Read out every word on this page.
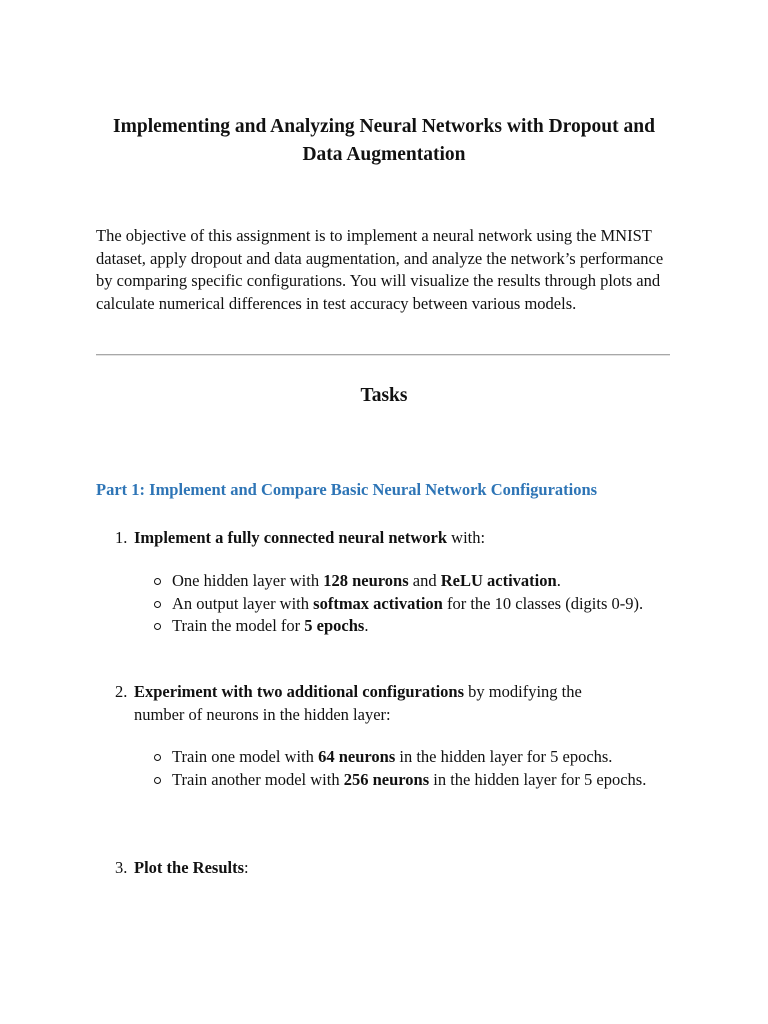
Implementing and Analyzing Neural Networks with Dropout and Data Augmentation

The objective of this assignment is to implement a neural network using the MNIST dataset, apply dropout and data augmentation, and analyze the network’s performance by comparing specific configurations. You will visualize the results through plots and calculate numerical differences in test accuracy between various models.

Tasks
Part 1: Implement and Compare Basic Neural Network Configurations
1. Implement a fully connected neural network with:
One hidden layer with 128 neurons and ReLU activation.
An output layer with softmax activation for the 10 classes (digits 0-9).
Train the model for 5 epochs.
2. Experiment with two additional configurations by modifying the number of neurons in the hidden layer:
Train one model with 64 neurons in the hidden layer for 5 epochs.
Train another model with 256 neurons in the hidden layer for 5 epochs.
3. Plot the Results:
